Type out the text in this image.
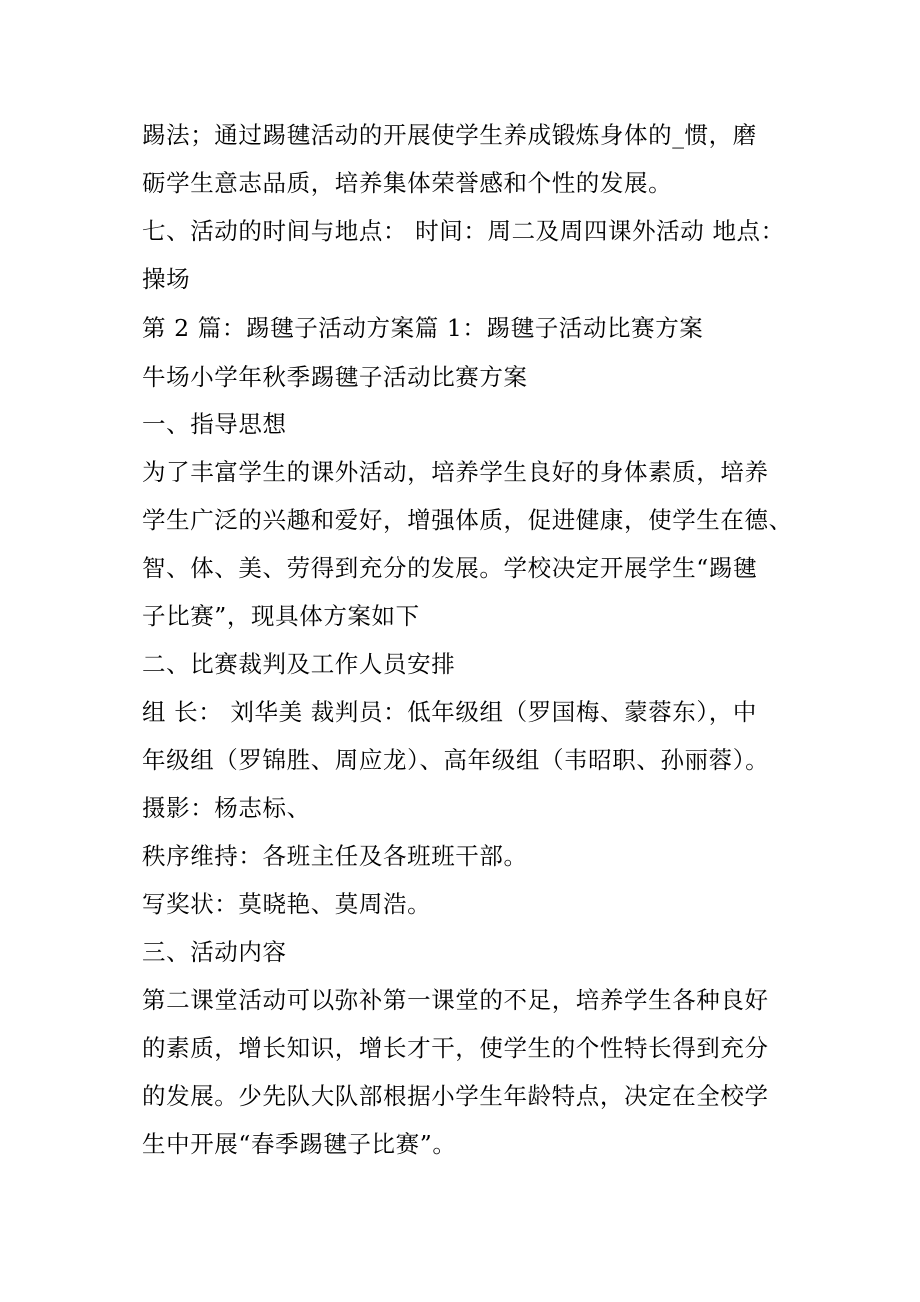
踢法；通过踢毽活动的开展使学生养成锻炼身体的_惯，磨
砺学生意志品质，培养集体荣誉感和个性的发展。
七、活动的时间与地点： 时间：周二及周四课外活动 地点：
操场
第 2 篇：踢毽子活动方案篇 1：踢毽子活动比赛方案
牛场小学年秋季踢毽子活动比赛方案
一、指导思想
为了丰富学生的课外活动，培养学生良好的身体素质，培养
学生广泛的兴趣和爱好，增强体质，促进健康，使学生在德、
智、体、美、劳得到充分的发展。学校决定开展学生“踢毽
子比赛”，现具体方案如下
二、比赛裁判及工作人员安排
组 长： 刘华美 裁判员：低年级组（罗国梅、蒙蓉东），中
年级组（罗锦胜、周应龙）、高年级组（韦昭职、孙丽蓉）。
摄影：杨志标、
秩序维持：各班主任及各班班干部。
写奖状：莫晓艳、莫周浩。
三、活动内容
第二课堂活动可以弥补第一课堂的不足，培养学生各种良好
的素质，增长知识，增长才干，使学生的个性特长得到充分
的发展。少先队大队部根据小学生年龄特点，决定在全校学
生中开展“春季踢毽子比赛”。
